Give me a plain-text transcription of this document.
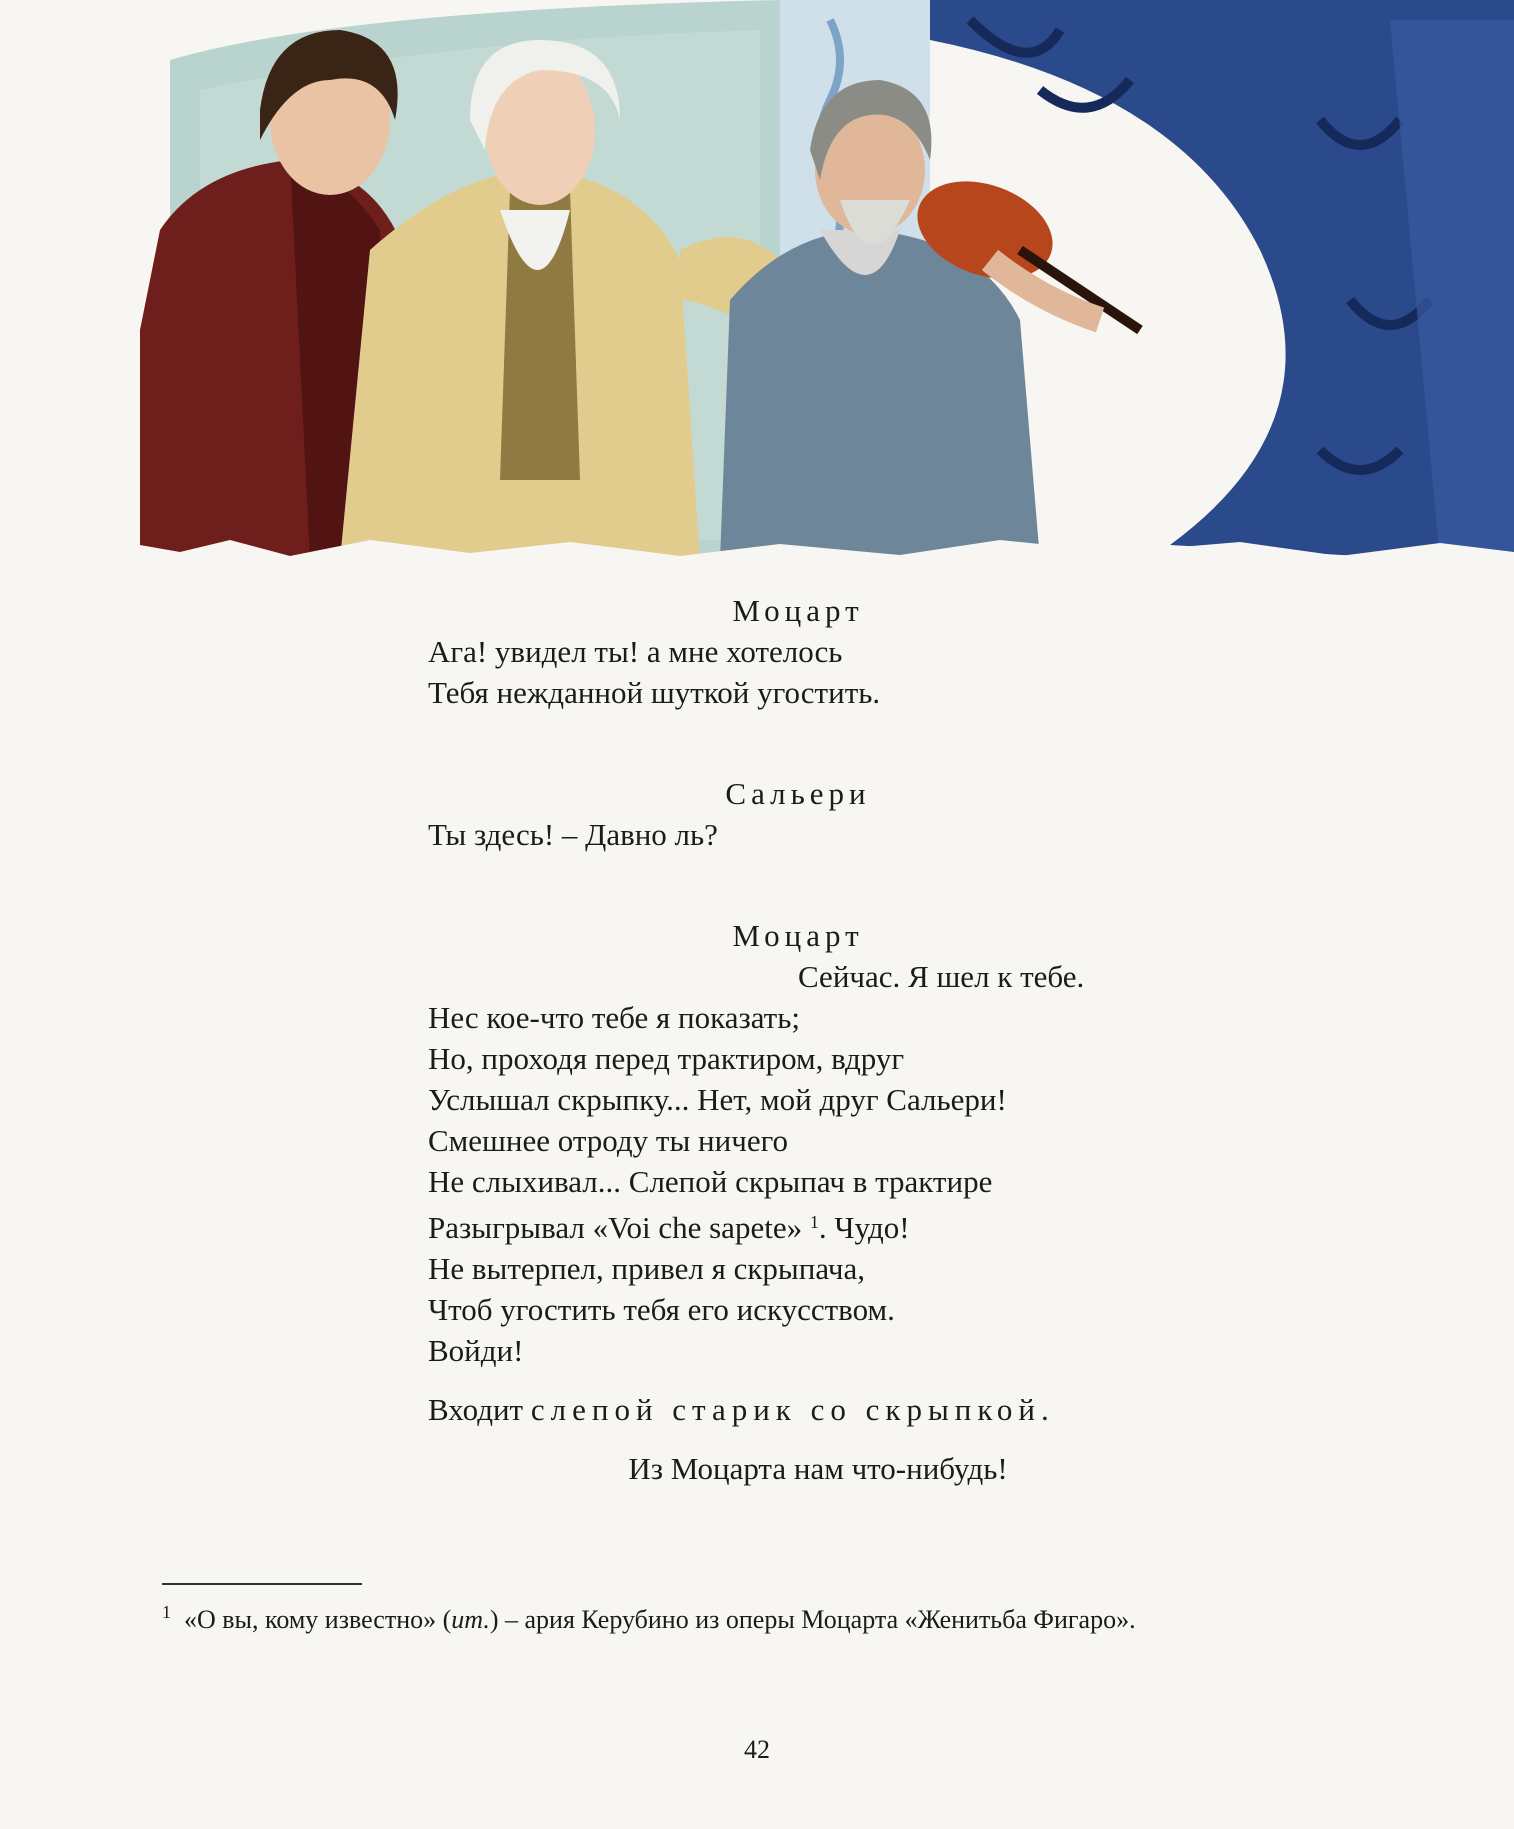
Моцарт
Ага! увидел ты! а мне хотелось
Тебя нежданной шуткой угостить.
Сальери
Ты здесь! – Давно ль?
Моцарт
Сейчас. Я шел к тебе.
Нес кое-что тебе я показать;
Но, проходя перед трактиром, вдруг
Услышал скрыпку... Нет, мой друг Сальери!
Смешнее отроду ты ничего
Не слыхивал... Слепой скрыпач в трактире
Разыгрывал «Voi che sapete» $^1$. Чудо!
Не вытерпел, привел я скрыпача,
Чтоб угостить тебя его искусством.
Войди!
Входит слепой старик со скрыпкой.
Из Моцарта нам что-нибудь!
$^1$ «О вы, кому известно» (ит.) – ария Керубино из оперы Моцарта «Женитьба Фигаро».
42
